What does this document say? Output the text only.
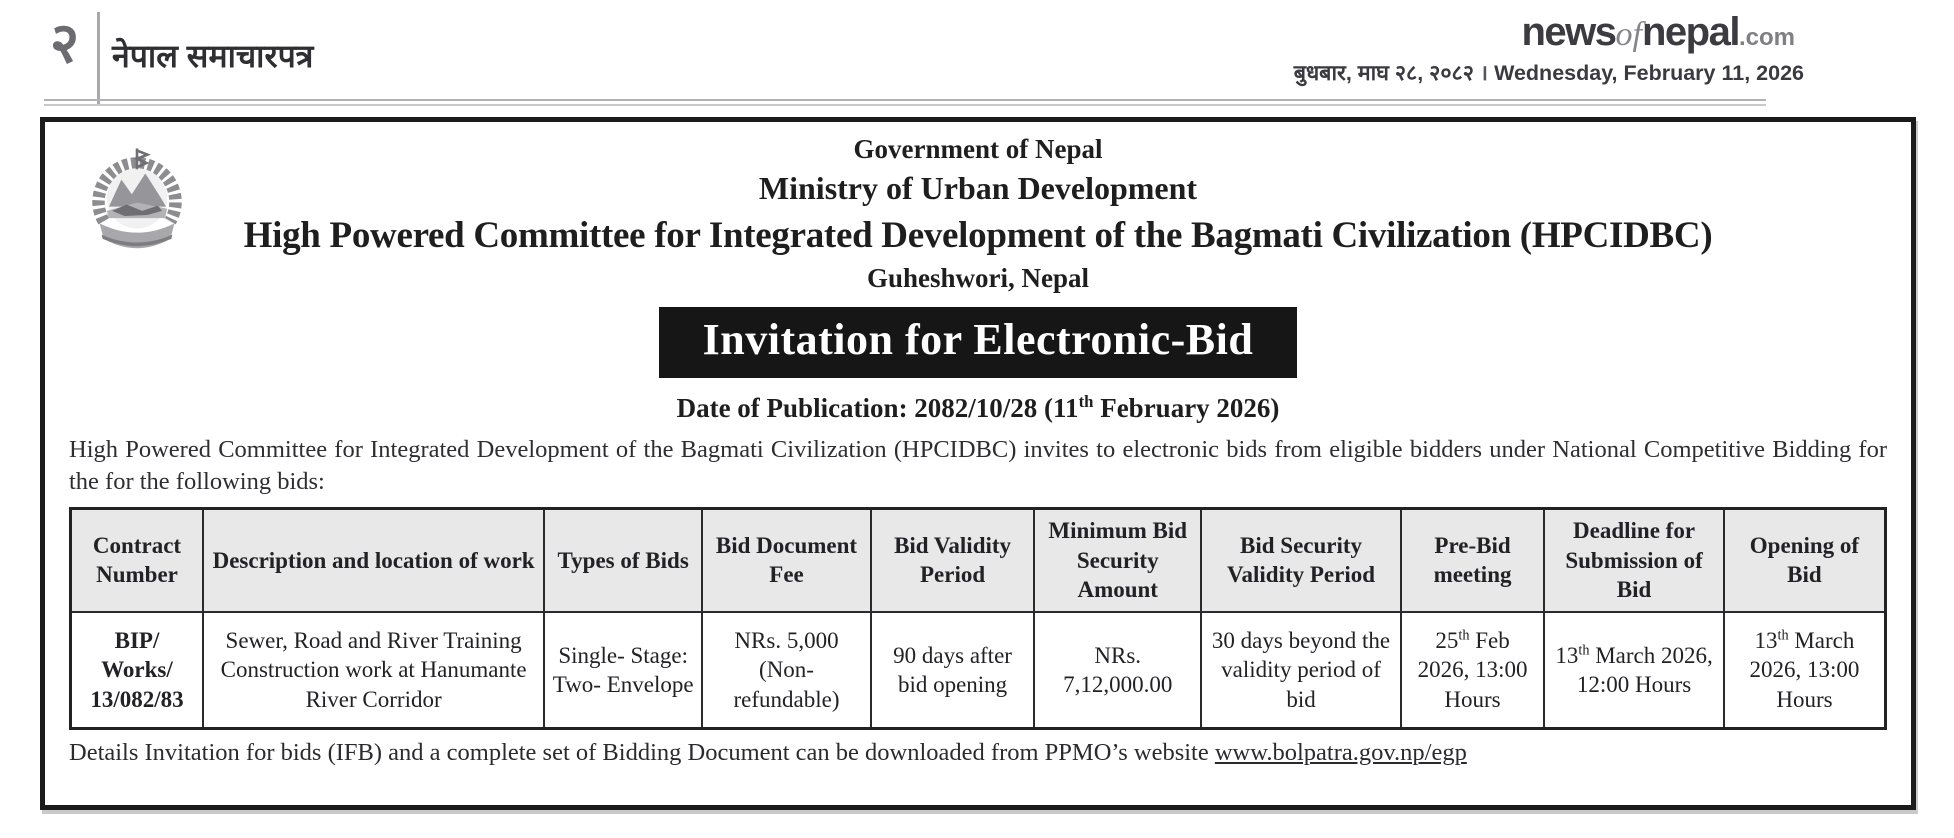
२ नेपाल समाचारपत्र
newsofnepal.com
बुधबार, माघ २८, २०८२ । Wednesday, February 11, 2026
Government of Nepal
Ministry of Urban Development
High Powered Committee for Integrated Development of the Bagmati Civilization (HPCIDBC)
Guheshwori, Nepal
Invitation for Electronic-Bid
Date of Publication: 2082/10/28 (11th February 2026)

High Powered Committee for Integrated Development of the Bagmati Civilization (HPCIDBC) invites to electronic bids from eligible bidders under National Competitive Bidding for the for the following bids:

Contract Number	Description and location of work	Types of Bids	Bid Document Fee	Bid Validity Period	Minimum Bid Security Amount	Bid Security Validity Period	Pre-Bid meeting	Deadline for Submission of Bid	Opening of Bid
BIP/ Works/ 13/082/83	Sewer, Road and River Training Construction work at Hanumante River Corridor	Single- Stage: Two- Envelope	NRs. 5,000 (Non- refundable)	90 days after bid opening	NRs. 7,12,000.00	30 days beyond the validity period of bid	25th Feb 2026, 13:00 Hours	13th March 2026, 12:00 Hours	13th March 2026, 13:00 Hours
Details Invitation for bids (IFB) and a complete set of Bidding Document can be downloaded from PPMO’s website www.bolpatra.gov.np/egp
